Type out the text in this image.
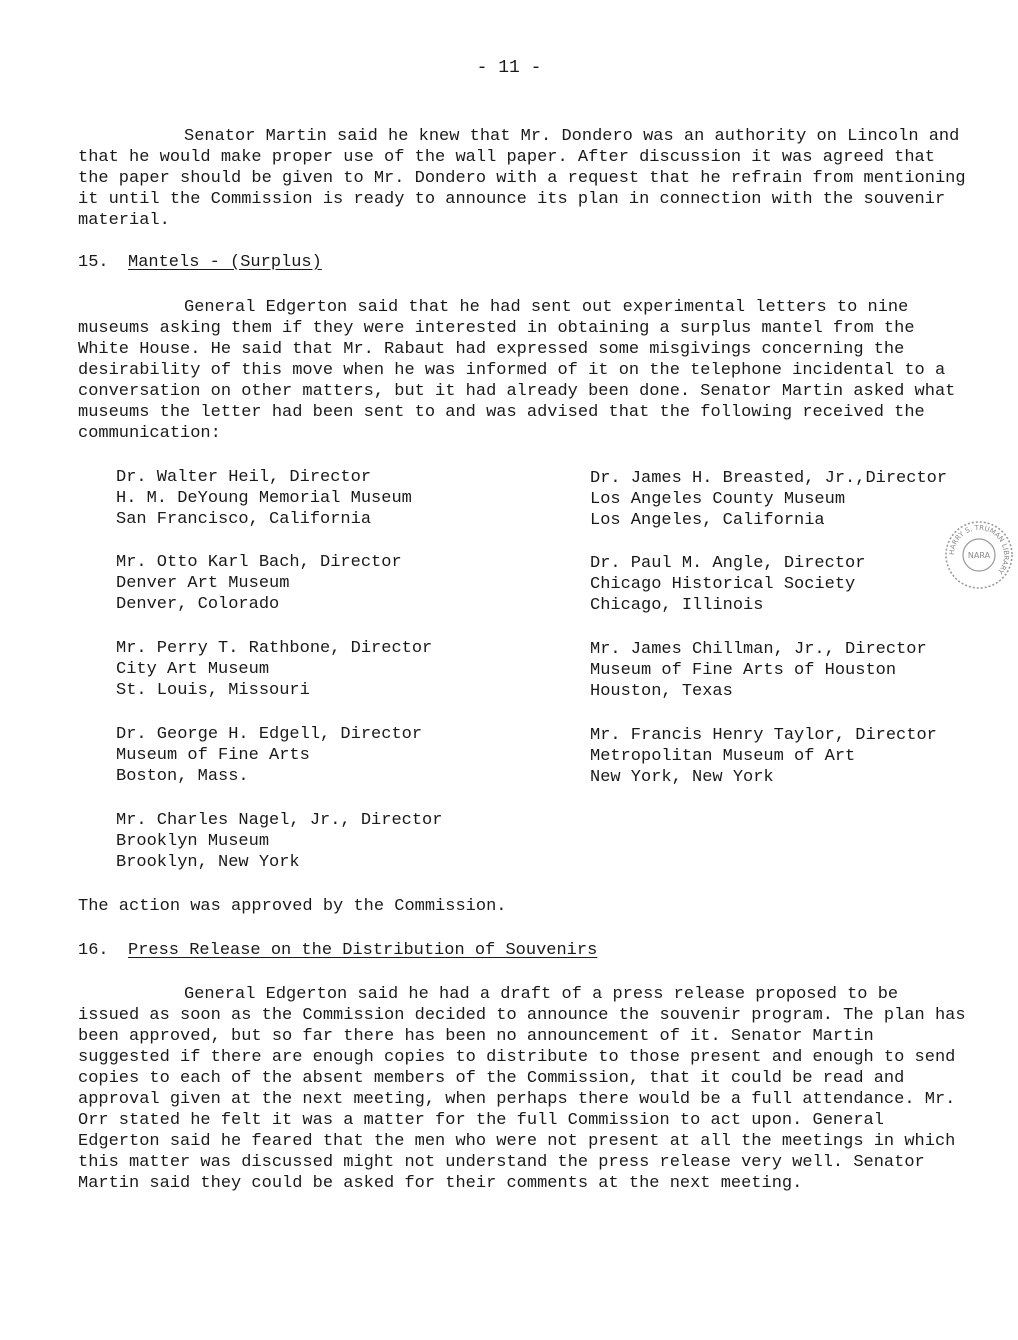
- 11 -

Senator Martin said he knew that Mr. Dondero was an authority on Lincoln and that he would make proper use of the wall paper. After discussion it was agreed that the paper should be given to Mr. Dondero with a request that he refrain from mentioning it until the Commission is ready to announce its plan in connection with the souvenir material.

15. Mantels - (Surplus)

General Edgerton said that he had sent out experimental letters to nine museums asking them if they were interested in obtaining a surplus mantel from the White House. He said that Mr. Rabaut had expressed some misgivings concerning the desirability of this move when he was informed of it on the telephone incidental to a conversation on other matters, but it had already been done. Senator Martin asked what museums the letter had been sent to and was advised that the following received the communication:

Dr. Walter Heil, Director
H. M. DeYoung Memorial Museum
San Francisco, California
Mr. Otto Karl Bach, Director
Denver Art Museum
Denver, Colorado
Mr. Perry T. Rathbone, Director
City Art Museum
St. Louis, Missouri
Dr. George H. Edgell, Director
Museum of Fine Arts
Boston, Mass.
Mr. Charles Nagel, Jr., Director
Brooklyn Museum
Brooklyn, New York
Dr. James H. Breasted, Jr.,Director
Los Angeles County Museum
Los Angeles, California
Dr. Paul M. Angle, Director
Chicago Historical Society
Chicago, Illinois
Mr. James Chillman, Jr., Director
Museum of Fine Arts of Houston
Houston, Texas
Mr. Francis Henry Taylor, Director
Metropolitan Museum of Art
New York, New York

The action was approved by the Commission.

16. Press Release on the Distribution of Souvenirs

General Edgerton said he had a draft of a press release proposed to be issued as soon as the Commission decided to announce the souvenir program. The plan has been approved, but so far there has been no announcement of it. Senator Martin suggested if there are enough copies to distribute to those present and enough to send copies to each of the absent members of the Commission, that it could be read and approval given at the next meeting, when perhaps there would be a full attendance. Mr. Orr stated he felt it was a matter for the full Commission to act upon. General Edgerton said he feared that the men who were not present at all the meetings in which this matter was discussed might not understand the press release very well. Senator Martin said they could be asked for their comments at the next meeting.

HARRY S. TRUMAN LIBRARY
NARA
